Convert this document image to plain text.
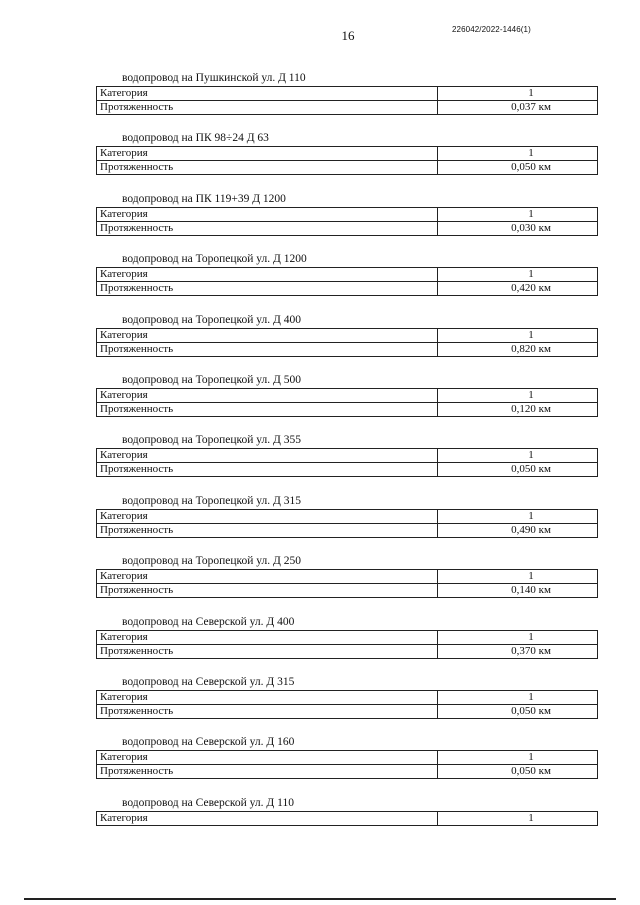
16	226042/2022-1446(1)
водопровод на Пушкинской ул. Д 110
Категория	1
Протяженность	0,037 км
водопровод на ПК 98÷24 Д 63
Категория	1
Протяженность	0,050 км
водопровод на ПК 119+39 Д 1200
Категория	1
Протяженность	0,030 км
водопровод на Торопецкой ул. Д 1200
Категория	1
Протяженность	0,420 км
водопровод на Торопецкой ул. Д 400
Категория	1
Протяженность	0,820 км
водопровод на Торопецкой ул. Д 500
Категория	1
Протяженность	0,120 км
водопровод на Торопецкой ул. Д 355
Категория	1
Протяженность	0,050 км
водопровод на Торопецкой ул. Д 315
Категория	1
Протяженность	0,490 км
водопровод на Торопецкой ул. Д 250
Категория	1
Протяженность	0,140 км
водопровод на Северской ул. Д 400
Категория	1
Протяженность	0,370 км
водопровод на Северской ул. Д 315
Категория	1
Протяженность	0,050 км
водопровод на Северской ул. Д 160
Категория	1
Протяженность	0,050 км
водопровод на Северской ул. Д 110
Категория	1
